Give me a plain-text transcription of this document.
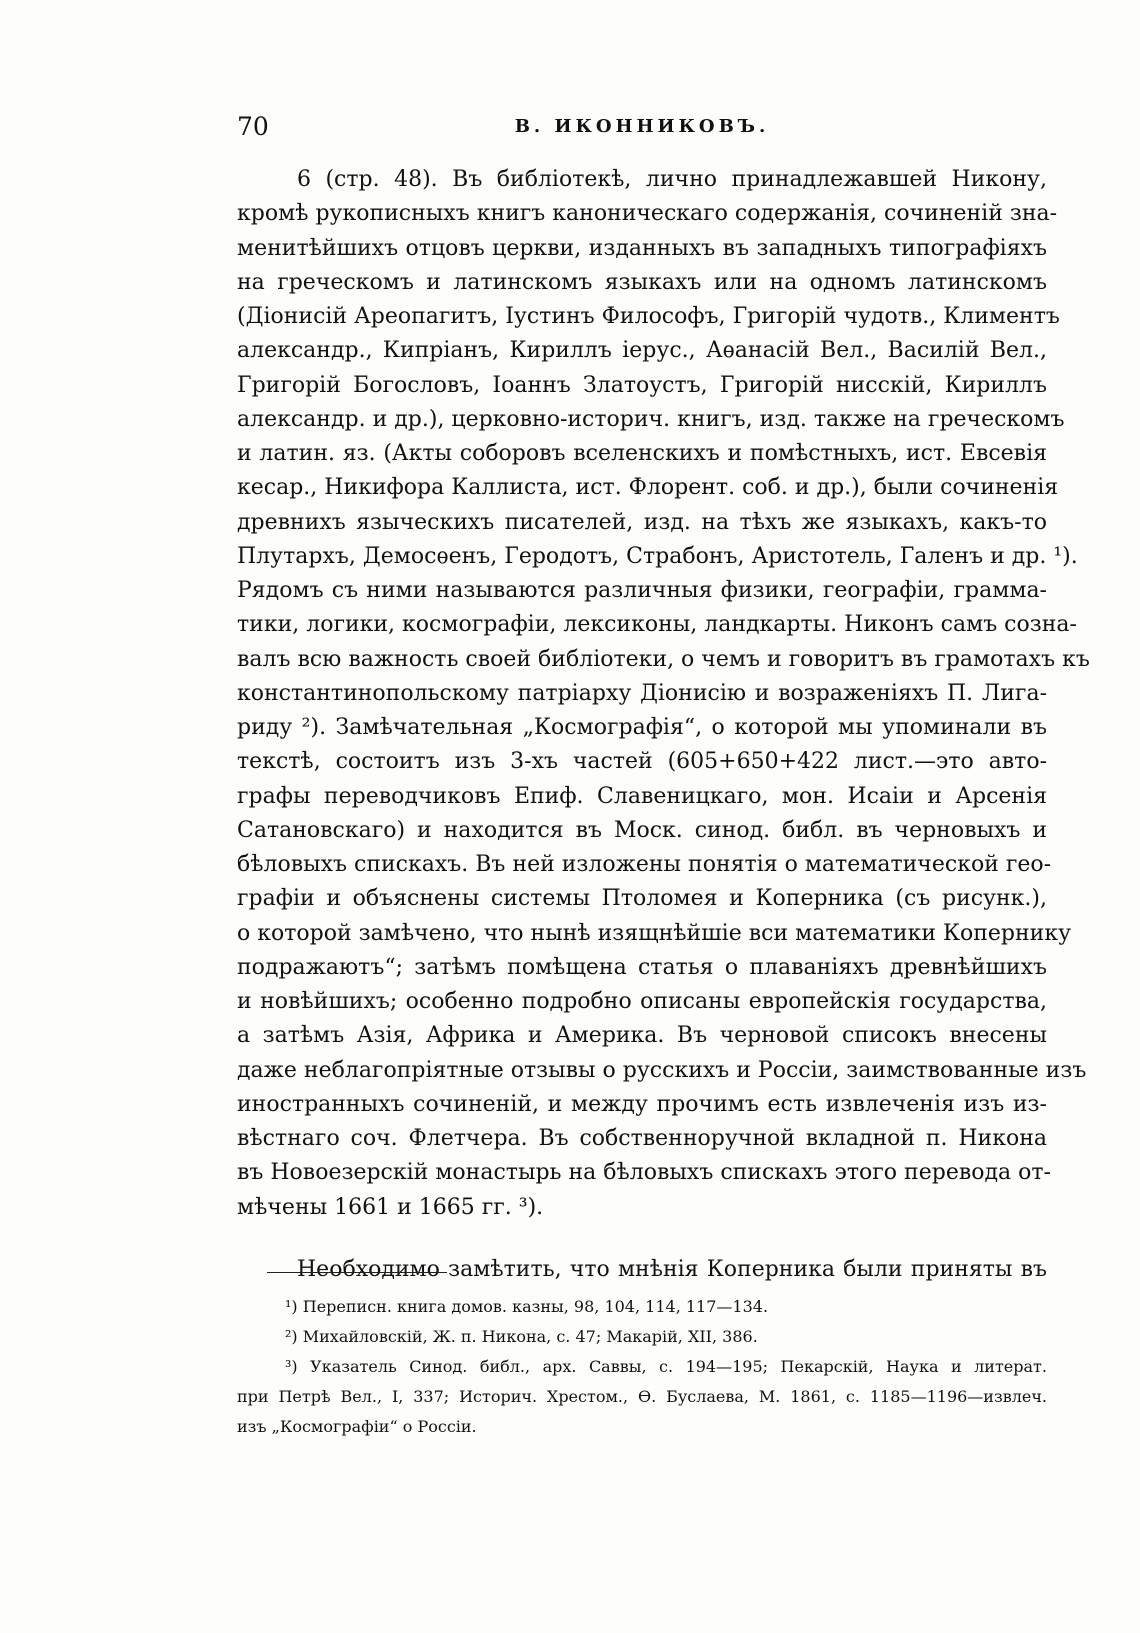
70	В. ИКОННИКОВЪ.
6 (стр. 48). Въ библiотекѣ, лично принадлежавшей Никону,
кромѣ рукописныхъ книгъ каноническаго содержанiя, сочиненiй зна-
менитѣйшихъ отцовъ церкви, изданныхъ въ западныхъ типографiяхъ
на греческомъ и латинскомъ языкахъ или на одномъ латинскомъ
(Дiонисiй Ареопагитъ, Iустинъ Философъ, Григорiй чудотв., Климентъ
александр., Кипрiанъ, Кириллъ iерус., Аѳанасiй Вел., Василiй Вел.,
Григорiй Богословъ, Iоаннъ Златоустъ, Григорiй нисскiй, Кириллъ
александр. и др.), церковно-историч. книгъ, изд. также на греческомъ
и латин. яз. (Акты соборовъ вселенскихъ и помѣстныхъ, ист. Евсевiя
кесар., Никифора Каллиста, ист. Флорент. соб. и др.), были сочиненiя
древнихъ языческихъ писателей, изд. на тѣхъ же языкахъ, какъ-то
Плутархъ, Демосѳенъ, Геродотъ, Страбонъ, Аристотель, Галенъ и др. ¹).
Рядомъ съ ними называются различныя физики, географiи, грамма-
тики, логики, космографiи, лексиконы, ландкарты. Никонъ самъ созна-
валъ всю важность своей библiотеки, о чемъ и говоритъ въ грамотахъ къ
константинопольскому патрiарху Дiонисiю и возраженiяхъ П. Лига-
риду ²). Замѣчательная „Космографiя“, о которой мы упоминали въ
текстѣ, состоитъ изъ 3-хъ частей (605+650+422 лист.—это авто-
графы переводчиковъ Епиф. Славеницкаго, мон. Исаiи и Арсенiя
Сатановскаго) и находится въ Моск. синод. библ. въ черновыхъ и
бѣловыхъ спискахъ. Въ ней изложены понятiя о математической гео-
графiи и объяснены системы Птоломея и Коперника (съ рисунк.),
о которой замѣчено, что нынѣ изящнѣйшiе вси математики Копернику
подражаютъ“; затѣмъ помѣщена статья о плаванiяхъ древнѣйшихъ
и новѣйшихъ; особенно подробно описаны европейскiя государства,
а затѣмъ Азiя, Африка и Америка. Въ черновой списокъ внесены
даже неблагопрiятные отзывы о русскихъ и Россiи, заимствованные изъ
иностранныхъ сочиненiй, и между прочимъ есть извлеченiя изъ из-
вѣстнаго соч. Флетчера. Въ собственноручной вкладной п. Никона
въ Новоезерскiй монастырь на бѣловыхъ спискахъ этого перевода от-
мѣчены 1661 и 1665 гг. ³).
Необходимо замѣтить, что мнѣнiя Коперника были приняты въ
¹) Переписн. книга домов. казны, 98, 104, 114, 117—134.
²) Михайловскiй, Ж. п. Никона, с. 47; Макарiй, XII, 386.
³) Указатель Синод. библ., арх. Саввы, с. 194—195; Пекарскiй, Наука и литерат.
при Петрѣ Вел., I, 337; Историч. Хрестом., Ѳ. Буслаева, М. 1861, с. 1185—1196—извлеч.
изъ „Космографiи“ о Россiи.
